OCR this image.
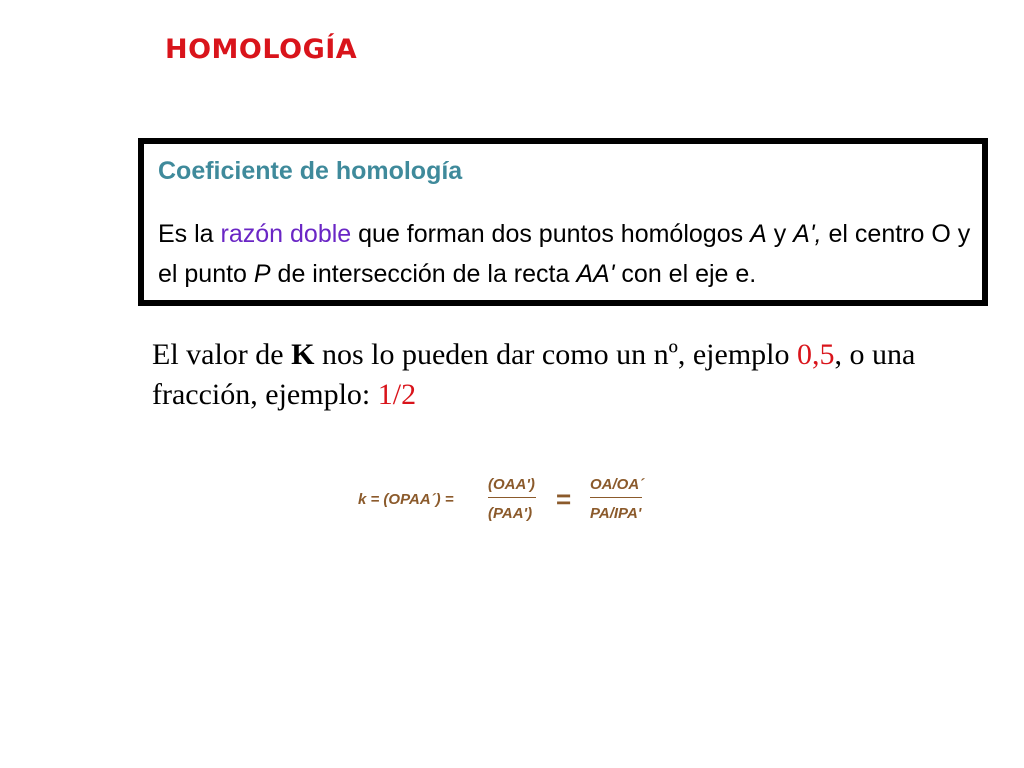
HOMOLOGÍA
Coeficiente de homología
Es la razón doble que forman dos puntos homólogos A y A', el centro O y el punto P de intersección de la recta AA' con el eje e.
El valor de K nos lo pueden dar como un nº, ejemplo 0,5, o una fracción, ejemplo: 1/2
k = (OPAA´) =
(OAA')
(PAA') = OA/OA´
PA/IPA'
